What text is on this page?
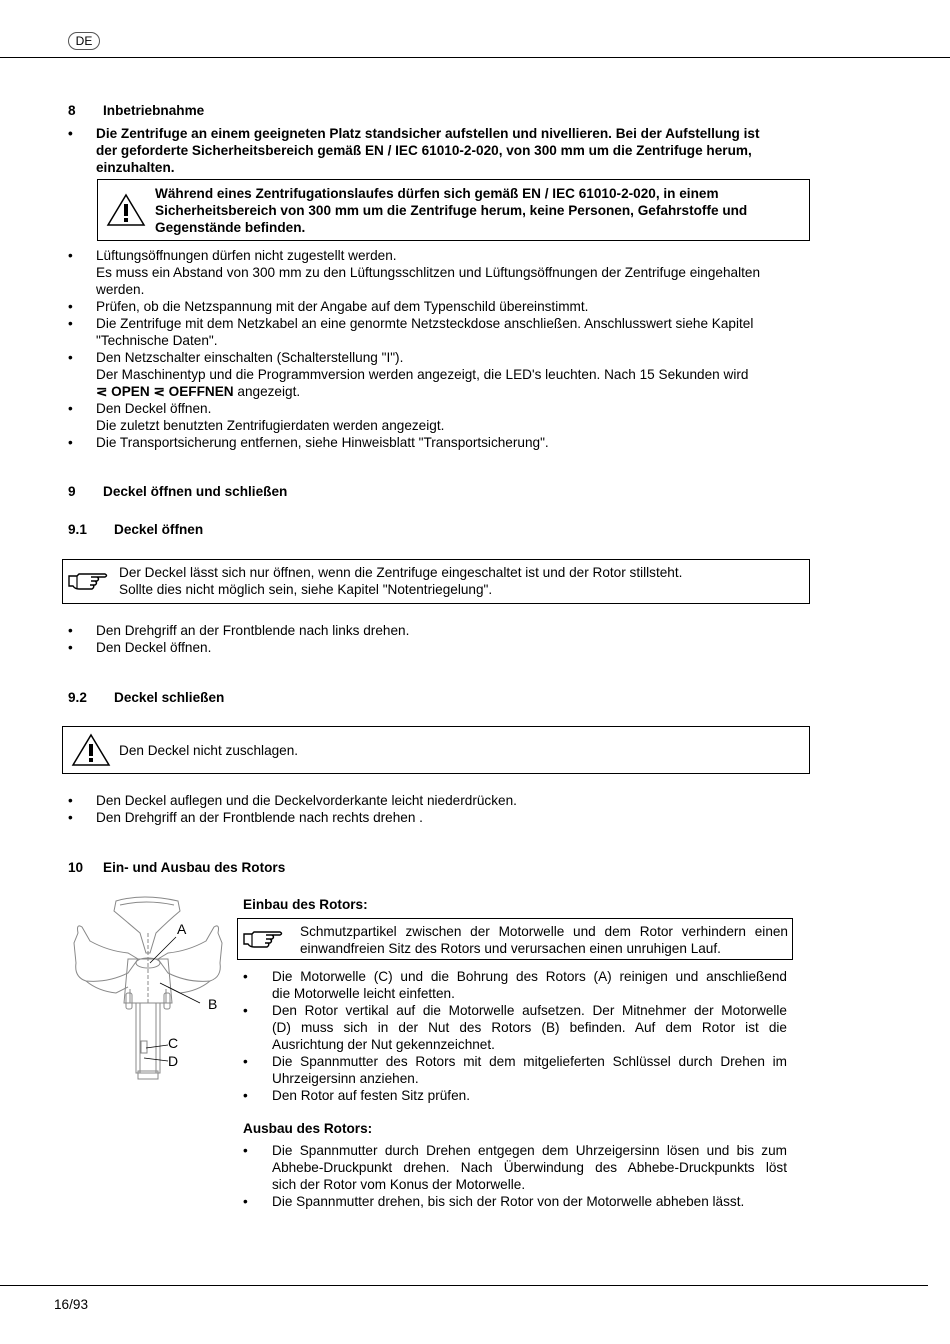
DE
8 Inbetriebnahme
•	Die Zentrifuge an einem geeigneten Platz standsicher aufstellen und nivellieren. Bei der Aufstellung ist
der geforderte Sicherheitsbereich gemäß EN / IEC 61010-2-020, von 300 mm um die Zentrifuge herum,
einzuhalten.
Während eines Zentrifugationslaufes dürfen sich gemäß EN / IEC 61010-2-020, in einem
Sicherheitsbereich von 300 mm um die Zentrifuge herum, keine Personen, Gefahrstoffe und
Gegenstände befinden.
•	Lüftungsöffnungen dürfen nicht zugestellt werden.
Es muss ein Abstand von 300 mm zu den Lüftungsschlitzen und Lüftungsöffnungen der Zentrifuge eingehalten
werden.
•	Prüfen, ob die Netzspannung mit der Angabe auf dem Typenschild übereinstimmt.
•	Die Zentrifuge mit dem Netzkabel an eine genormte Netzsteckdose anschließen. Anschlusswert siehe Kapitel
"Technische Daten".
•	Den Netzschalter einschalten (Schalterstellung "I").
Der Maschinentyp und die Programmversion werden angezeigt, die LED's leuchten. Nach 15 Sekunden wird
⋜ OPEN ⋜ OEFFNEN angezeigt.
•	Den Deckel öffnen.
Die zuletzt benutzten Zentrifugierdaten werden angezeigt.
•	Die Transportsicherung entfernen, siehe Hinweisblatt "Transportsicherung".
9 Deckel öffnen und schließen
9.1 Deckel öffnen
Der Deckel lässt sich nur öffnen, wenn die Zentrifuge eingeschaltet ist und der Rotor stillsteht.
Sollte dies nicht möglich sein, siehe Kapitel "Notentriegelung".
•	Den Drehgriff an der Frontblende nach links drehen.
•	Den Deckel öffnen.
9.2 Deckel schließen
Den Deckel nicht zuschlagen.
•	Den Deckel auflegen und die Deckelvorderkante leicht niederdrücken.
•	Den Drehgriff an der Frontblende nach rechts drehen .
10 Ein- und Ausbau des Rotors
A
B
C
D
Einbau des Rotors:
Schmutzpartikel zwischen der Motorwelle und dem Rotor verhindern einen
einwandfreien Sitz des Rotors und verursachen einen unruhigen Lauf.
• Die Motorwelle (C) und die Bohrung des Rotors (A) reinigen und anschließend
die Motorwelle leicht einfetten.
• Den Rotor vertikal auf die Motorwelle aufsetzen. Der Mitnehmer der Motorwelle
(D) muss sich in der Nut des Rotors (B) befinden. Auf dem Rotor ist die
Ausrichtung der Nut gekennzeichnet.
• Die Spannmutter des Rotors mit dem mitgelieferten Schlüssel durch Drehen im
Uhrzeigersinn anziehen.
• Den Rotor auf festen Sitz prüfen.
Ausbau des Rotors:
• Die Spannmutter durch Drehen entgegen dem Uhrzeigersinn lösen und bis zum
Abhebe-Druckpunkt drehen. Nach Überwindung des Abhebe-Druckpunkts löst
sich der Rotor vom Konus der Motorwelle.
• Die Spannmutter drehen, bis sich der Rotor von der Motorwelle abheben lässt.
16/93
